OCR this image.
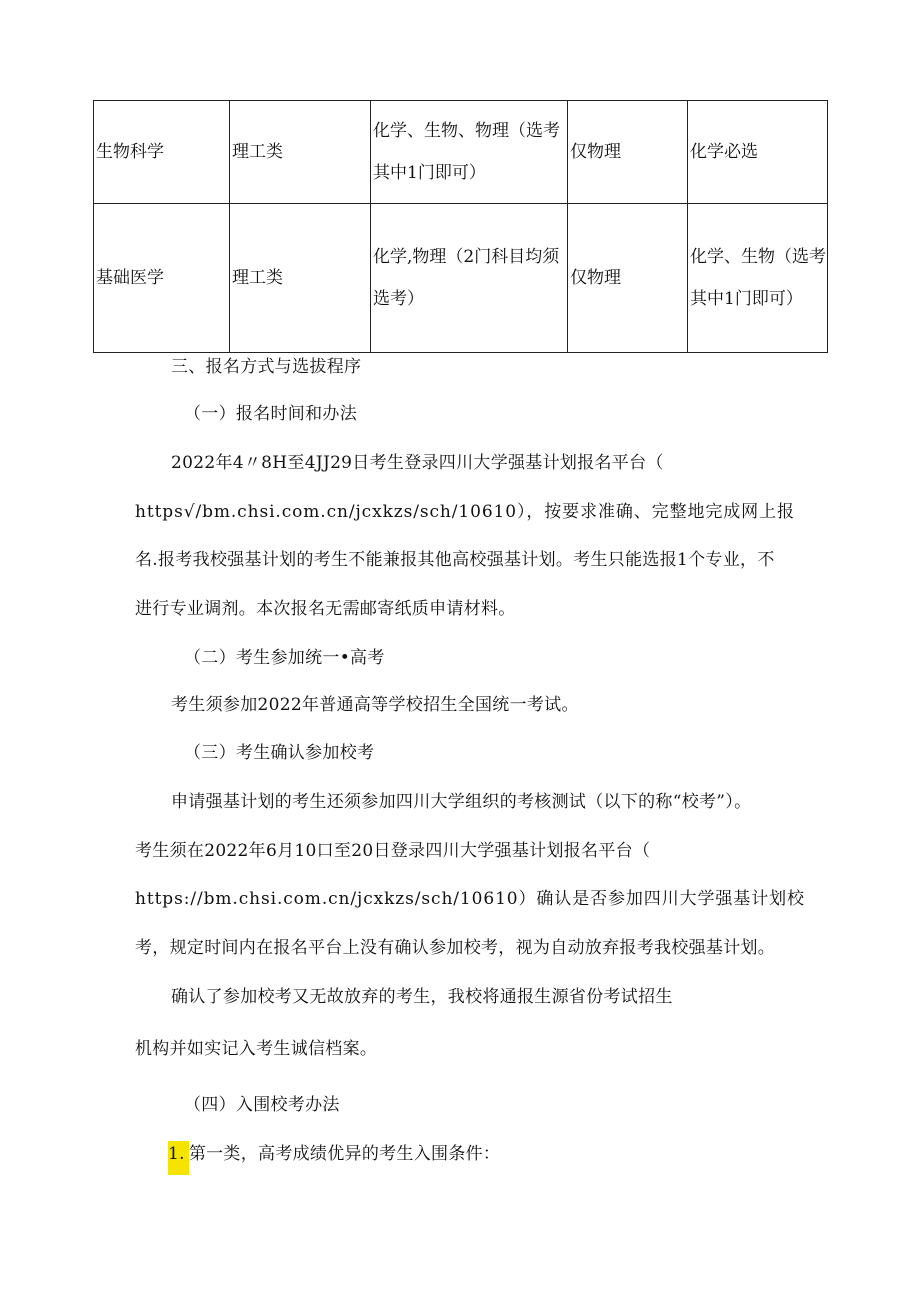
生物科学	理工类	化学、生物、物理（选考其中1门即可）	仅物理	化学必选
基础医学	理工类	化学,物理（2门科目均须选考）	仅物理	化学、生物（选考其中1门即可）
三、报名方式与选拔程序
（一）报名时间和办法
2022年4〃8H至4JJ29日考生登录四川大学强基计划报名平台（
https√/bm.chsi.com.cn/jcxkzs/sch/10610），按要求准确、完整地完成网上报
名.报考我校强基计划的考生不能兼报其他高校强基计划。考生只能选报1个专业，不
进行专业调剂。本次报名无需邮寄纸质申请材料。
（二）考生参加统一•高考
考生须参加2022年普通高等学校招生全国统一考试。
（三）考生确认参加校考
申请强基计划的考生还须参加四川大学组织的考核测试（以下的称“校考”）。
考生须在2022年6月10口至20日登录四川大学强基计划报名平台（
https://bm.chsi.com.cn/jcxkzs/sch/10610）确认是否参加四川大学强基计划校
考，规定时间内在报名平台上没有确认参加校考，视为自动放弃报考我校强基计划。
确认了参加校考又无故放弃的考生，我校将通报生源省份考试招生
机构并如实记入考生诚信档案。
（四）入围校考办法
1. 第一类，高考成绩优异的考生入围条件：
